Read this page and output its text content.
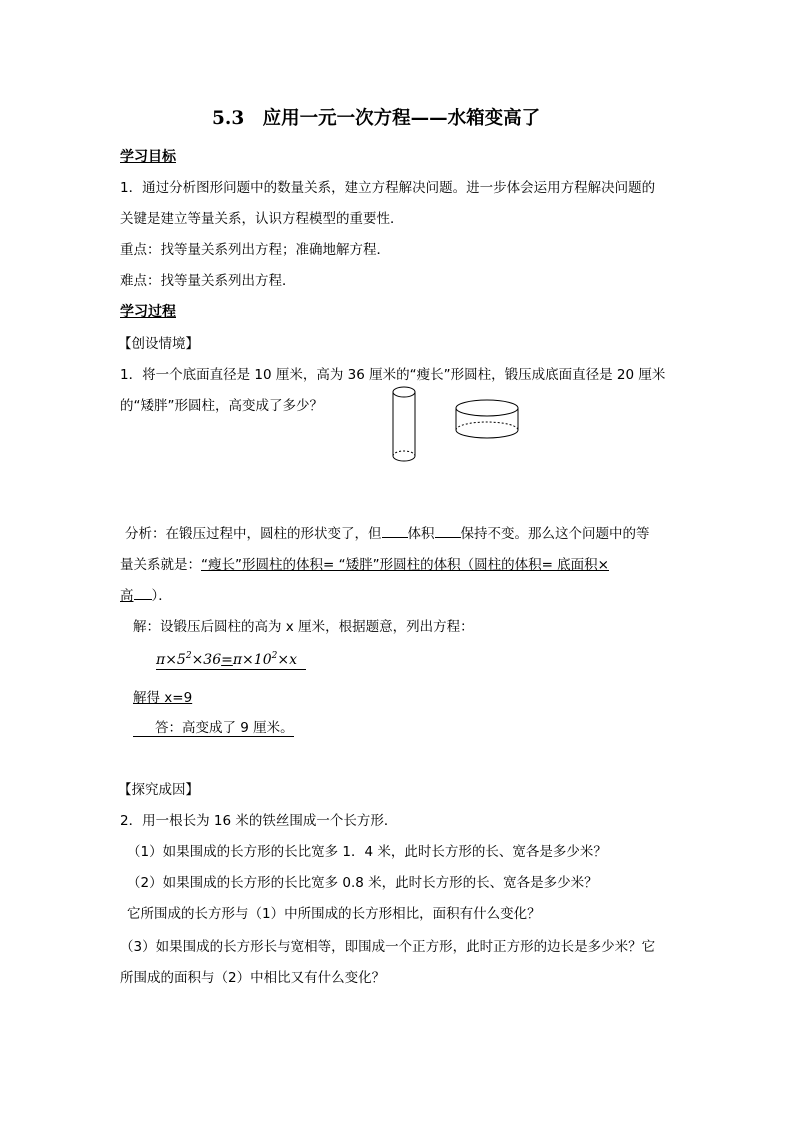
5.3　应用一元一次方程——水箱变高了
学习目标
1．通过分析图形问题中的数量关系，建立方程解决问题。进一步体会运用方程解决问题的
关键是建立等量关系，认识方程模型的重要性．
重点：找等量关系列出方程；准确地解方程．
难点：找等量关系列出方程．
学习过程
【创设情境】
1．将一个底面直径是 10 厘米，高为 36 厘米的“瘦长”形圆柱，锻压成底面直径是 20 厘米
的“矮胖”形圆柱，高变成了多少？
分析：在锻压过程中，圆柱的形状变了，但 体积 保持不变。那么这个问题中的等
量关系就是：“瘦长”形圆柱的体积= “矮胖”形圆柱的体积（圆柱的体积= 底面积×
高 ）．
解：设锻压后圆柱的高为 x 厘米，根据题意，列出方程：
$\pi\times 5^2\times 36=\pi\times 10^2\times x$
解得 x=9
答：高变成了 9 厘米。
【探究成因】
2．用一根长为 16 米的铁丝围成一个长方形．
（1）如果围成的长方形的长比宽多 1．4 米，此时长方形的长、宽各是多少米？
（2）如果围成的长方形的长比宽多 0.8 米，此时长方形的长、宽各是多少米？
它所围成的长方形与（1）中所围成的长方形相比，面积有什么变化？
（3）如果围成的长方形长与宽相等，即围成一个正方形，此时正方形的边长是多少米？它
所围成的面积与（2）中相比又有什么变化？
